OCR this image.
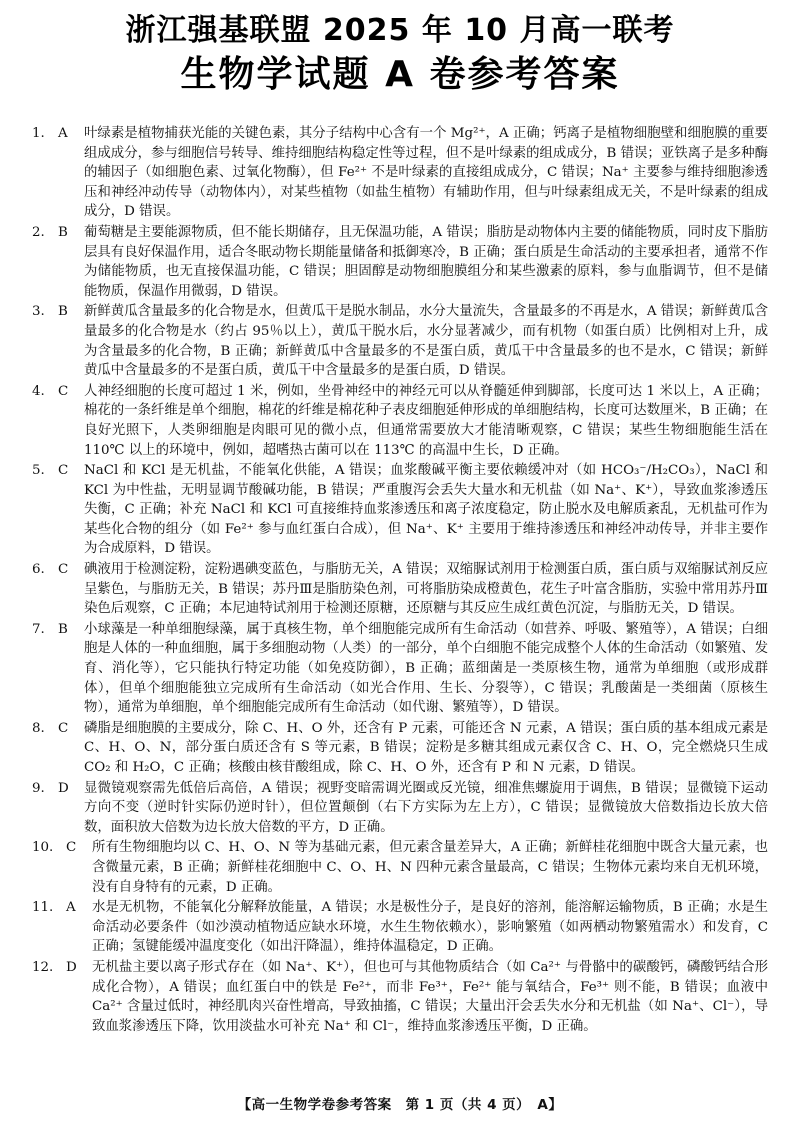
浙江强基联盟 2025 年 10 月高一联考
生物学试题 A 卷参考答案
1. A	叶绿素是植物捕获光能的关键色素，其分子结构中心含有一个 Mg²⁺，A 正确；钙离子是植物细胞壁和细胞膜的重要组成成分，参与细胞信号转导、维持细胞结构稳定性等过程，但不是叶绿素的组成成分，B 错误；亚铁离子是多种酶的辅因子（如细胞色素、过氧化物酶），但 Fe²⁺ 不是叶绿素的直接组成成分，C 错误；Na⁺ 主要参与维持细胞渗透压和神经冲动传导（动物体内），对某些植物（如盐生植物）有辅助作用，但与叶绿素组成无关，不是叶绿素的组成成分，D 错误。
2. B	葡萄糖是主要能源物质，但不能长期储存，且无保温功能，A 错误；脂肪是动物体内主要的储能物质，同时皮下脂肪层具有良好保温作用，适合冬眠动物长期能量储备和抵御寒冷，B 正确；蛋白质是生命活动的主要承担者，通常不作为储能物质，也无直接保温功能，C 错误；胆固醇是动物细胞膜组分和某些激素的原料，参与血脂调节，但不是储能物质，保温作用微弱，D 错误。
3. B	新鲜黄瓜含量最多的化合物是水，但黄瓜干是脱水制品，水分大量流失，含量最多的不再是水，A 错误；新鲜黄瓜含量最多的化合物是水（约占 95％以上），黄瓜干脱水后，水分显著减少，而有机物（如蛋白质）比例相对上升，成为含量最多的化合物，B 正确；新鲜黄瓜中含量最多的不是蛋白质，黄瓜干中含量最多的也不是水，C 错误；新鲜黄瓜中含量最多的不是蛋白质，黄瓜干中含量最多的是蛋白质，D 错误。
4. C	人神经细胞的长度可超过 1 米，例如，坐骨神经中的神经元可以从脊髓延伸到脚部，长度可达 1 米以上，A 正确；棉花的一条纤维是单个细胞，棉花的纤维是棉花种子表皮细胞延伸形成的单细胞结构，长度可达数厘米，B 正确；在良好光照下，人类卵细胞是肉眼可见的微小点，但通常需要放大才能清晰观察，C 错误；某些生物细胞能生活在 110℃ 以上的环境中，例如，超嗜热古菌可以在 113℃ 的高温中生长，D 正确。
5. C	NaCl 和 KCl 是无机盐，不能氧化供能，A 错误；血浆酸碱平衡主要依赖缓冲对（如 HCO₃⁻/H₂CO₃），NaCl 和 KCl 为中性盐，无明显调节酸碱功能，B 错误；严重腹泻会丢失大量水和无机盐（如 Na⁺、K⁺），导致血浆渗透压失衡，C 正确；补充 NaCl 和 KCl 可直接维持血浆渗透压和离子浓度稳定，防止脱水及电解质紊乱，无机盐可作为某些化合物的组分（如 Fe²⁺ 参与血红蛋白合成），但 Na⁺、K⁺ 主要用于维持渗透压和神经冲动传导，并非主要作为合成原料，D 错误。
6. C	碘液用于检测淀粉，淀粉遇碘变蓝色，与脂肪无关，A 错误；双缩脲试剂用于检测蛋白质，蛋白质与双缩脲试剂反应呈紫色，与脂肪无关，B 错误；苏丹Ⅲ是脂肪染色剂，可将脂肪染成橙黄色，花生子叶富含脂肪，实验中常用苏丹Ⅲ染色后观察，C 正确；本尼迪特试剂用于检测还原糖，还原糖与其反应生成红黄色沉淀，与脂肪无关，D 错误。
7. B	小球藻是一种单细胞绿藻，属于真核生物，单个细胞能完成所有生命活动（如营养、呼吸、繁殖等），A 错误；白细胞是人体的一种血细胞，属于多细胞动物（人类）的一部分，单个白细胞不能完成整个人体的生命活动（如繁殖、发育、消化等），它只能执行特定功能（如免疫防御），B 正确；蓝细菌是一类原核生物，通常为单细胞（或形成群体），但单个细胞能独立完成所有生命活动（如光合作用、生长、分裂等），C 错误；乳酸菌是一类细菌（原核生物），通常为单细胞，单个细胞能完成所有生命活动（如代谢、繁殖等），D 错误。
8. C	磷脂是细胞膜的主要成分，除 C、H、O 外，还含有 P 元素，可能还含 N 元素，A 错误；蛋白质的基本组成元素是 C、H、O、N，部分蛋白质还含有 S 等元素，B 错误；淀粉是多糖其组成元素仅含 C、H、O，完全燃烧只生成 CO₂ 和 H₂O，C 正确；核酸由核苷酸组成，除 C、H、O 外，还含有 P 和 N 元素，D 错误。
9. D	显微镜观察需先低倍后高倍，A 错误；视野变暗需调光圈或反光镜，细准焦螺旋用于调焦，B 错误；显微镜下运动方向不变（逆时针实际仍逆时针），但位置颠倒（右下方实际为左上方），C 错误；显微镜放大倍数指边长放大倍数，面积放大倍数为边长放大倍数的平方，D 正确。
10. C	所有生物细胞均以 C、H、O、N 等为基础元素，但元素含量差异大，A 正确；新鲜桂花细胞中既含大量元素，也含微量元素，B 正确；新鲜桂花细胞中 C、O、H、N 四种元素含量最高，C 错误；生物体元素均来自无机环境，没有自身特有的元素，D 正确。
11. A	水是无机物，不能氧化分解释放能量，A 错误；水是极性分子，是良好的溶剂，能溶解运输物质，B 正确；水是生命活动必要条件（如沙漠动植物适应缺水环境，水生生物依赖水），影响繁殖（如两栖动物繁殖需水）和发育，C 正确；氢键能缓冲温度变化（如出汗降温），维持体温稳定，D 正确。
12. D	无机盐主要以离子形式存在（如 Na⁺、K⁺），但也可与其他物质结合（如 Ca²⁺ 与骨骼中的碳酸钙，磷酸钙结合形成化合物），A 错误；血红蛋白中的铁是 Fe²⁺，而非 Fe³⁺，Fe²⁺ 能与氧结合，Fe³⁺ 则不能，B 错误；血液中 Ca²⁺ 含量过低时，神经肌肉兴奋性增高，导致抽搐，C 错误；大量出汗会丢失水分和无机盐（如 Na⁺、Cl⁻），导致血浆渗透压下降，饮用淡盐水可补充 Na⁺ 和 Cl⁻，维持血浆渗透压平衡，D 正确。
【高一生物学卷参考答案　第 1 页（共 4 页）　A】
